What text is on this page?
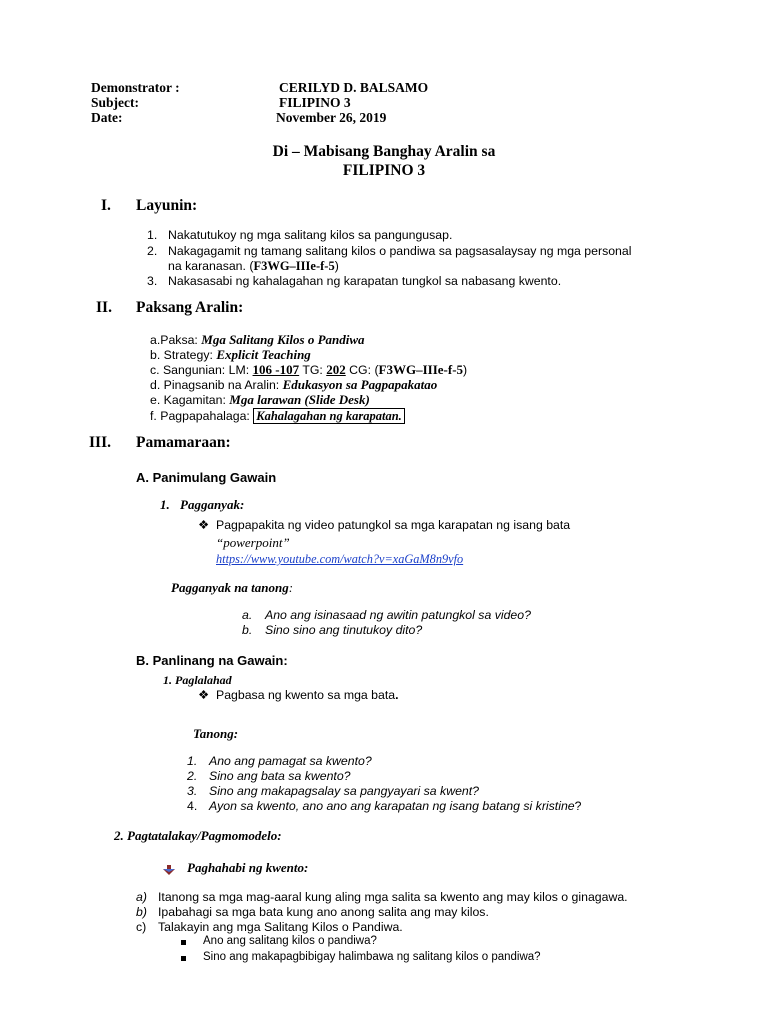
Demonstrator :	CERILYD D. BALSAMO
Subject:	FILIPINO 3
Date:	November 26, 2019
Di – Mabisang Banghay Aralin sa
FILIPINO 3
I. Layunin:
1. Nakatutukoy ng mga salitang kilos sa pangungusap.
2. Nakagagamit ng tamang salitang kilos o pandiwa sa pagsasalaysay ng mga personal
na karanasan. (F3WG–IIIe-f-5)
3. Nakasasabi ng kahalagahan ng karapatan tungkol sa nabasang kwento.
II. Paksang Aralin:
a.Paksa: Mga Salitang Kilos o Pandiwa
b. Strategy: Explicit Teaching
c. Sangunian: LM: 106 -107 TG: 202 CG: (F3WG–IIIe-f-5)
d. Pinagsanib na Aralin: Edukasyon sa Pagpapakatao
e. Kagamitan: Mga larawan (Slide Desk)
f. Pagpapahalaga: Kahalagahan ng karapatan.
III. Pamamaraan:
A. Panimulang Gawain
1. Pagganyak:
❖ Pagpapakita ng video patungkol sa mga karapatan ng isang bata
“powerpoint”
https://www.youtube.com/watch?v=xaGaM8n9vfo
Pagganyak na tanong:
a. Ano ang isinasaad ng awitin patungkol sa video?
b. Sino sino ang tinutukoy dito?
B. Panlinang na Gawain:
1. Paglalahad
❖ Pagbasa ng kwento sa mga bata.
Tanong:
1. Ano ang pamagat sa kwento?
2. Sino ang bata sa kwento?
3. Sino ang makapagsalay sa pangyayari sa kwent?
4. Ayon sa kwento, ano ano ang karapatan ng isang batang si kristine?
2. Pagtatalakay/Pagmomodelo:
Paghahabi ng kwento:
a) Itanong sa mga mag-aaral kung aling mga salita sa kwento ang may kilos o ginagawa.
b) Ipabahagi sa mga bata kung ano anong salita ang may kilos.
c) Talakayin ang mga Salitang Kilos o Pandiwa.
Ano ang salitang kilos o pandiwa?
Sino ang makapagbibigay halimbawa ng salitang kilos o pandiwa?
